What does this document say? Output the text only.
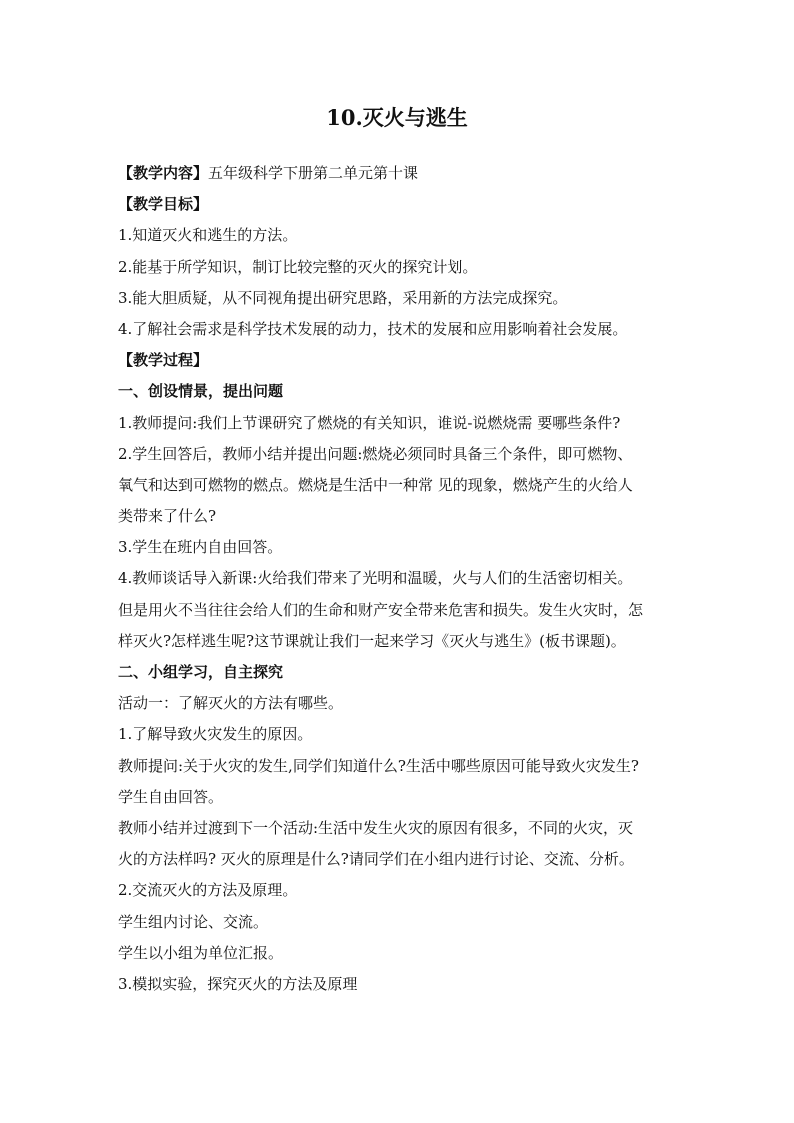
10.灭火与逃生
【教学内容】五年级科学下册第二单元第十课
【教学目标】
1.知道灭火和逃生的方法。
2.能基于所学知识，制订比较完整的灭火的探究计划。
3.能大胆质疑，从不同视角提出研究思路，采用新的方法完成探究。
4.了解社会需求是科学技术发展的动力，技术的发展和应用影响着社会发展。
【教学过程】
一、创设情景，提出问题
1.教师提问:我们上节课研究了燃烧的有关知识，谁说-说燃烧需 要哪些条件?
2.学生回答后，教师小结并提出问题:燃烧必须同时具备三个条件，即可燃物、
氧气和达到可燃物的燃点。燃烧是生活中一种常 见的现象，燃烧产生的火给人
类带来了什么?
3.学生在班内自由回答。
4.教师谈话导入新课:火给我们带来了光明和温暖，火与人们的生活密切相关。
但是用火不当往往会给人们的生命和财产安全带来危害和损失。发生火灾时，怎
样灭火?怎样逃生呢?这节课就让我们一起来学习《灭火与逃生》(板书课题)。
二、小组学习，自主探究
活动一：了解灭火的方法有哪些。
1.了解导致火灾发生的原因。
教师提问:关于火灾的发生,同学们知道什么?生活中哪些原因可能导致火灾发生?
学生自由回答。
教师小结并过渡到下一个活动:生活中发生火灾的原因有很多，不同的火灾，灭
火的方法样吗? 灭火的原理是什么?请同学们在小组内进行讨论、交流、分析。
2.交流灭火的方法及原理。
学生组内讨论、交流。
学生以小组为单位汇报。
3.模拟实验，探究灭火的方法及原理
